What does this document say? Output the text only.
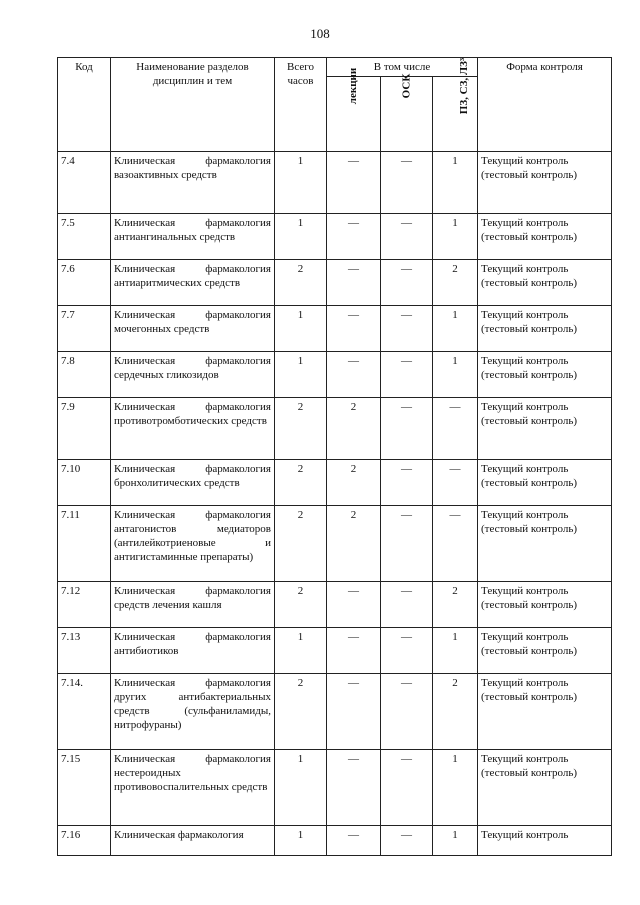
108
Код	Наименование разделов дисциплин и тем	Всего часов	В том числе			Форма контроля
			лекции	ОСК	ПЗ, СЗ, ЛЗ³	
7.4	Клиническая фармакология вазоактивных средств	1	—	—	1	Текущий контроль (тестовый контроль)
7.5	Клиническая фармакология антиангинальных средств	1	—	—	1	Текущий контроль (тестовый контроль)
7.6	Клиническая фармакология антиаритмических средств	2	—	—	2	Текущий контроль (тестовый контроль)
7.7	Клиническая фармакология мочегонных средств	1	—	—	1	Текущий контроль (тестовый контроль)
7.8	Клиническая фармакология сердечных гликозидов	1	—	—	1	Текущий контроль (тестовый контроль)
7.9	Клиническая фармакология противотромботических средств	2	2	—	—	Текущий контроль (тестовый контроль)
7.10	Клиническая фармакология бронхолитических средств	2	2	—	—	Текущий контроль (тестовый контроль)
7.11	Клиническая фармакология антагонистов медиаторов (антилейкотриеновые и антигистаминные препараты)	2	2	—	—	Текущий контроль (тестовый контроль)
7.12	Клиническая фармакология средств лечения кашля	2	—	—	2	Текущий контроль (тестовый контроль)
7.13	Клиническая фармакология антибиотиков	1	—	—	1	Текущий контроль (тестовый контроль)
7.14.	Клиническая фармакология других антибактериальных средств (сульфаниламиды, нитрофураны)	2	—	—	2	Текущий контроль (тестовый контроль)
7.15	Клиническая фармакология нестероидных противовоспалительных средств	1	—	—	1	Текущий контроль (тестовый контроль)
7.16	Клиническая фармакология	1	—	—	1	Текущий контроль
